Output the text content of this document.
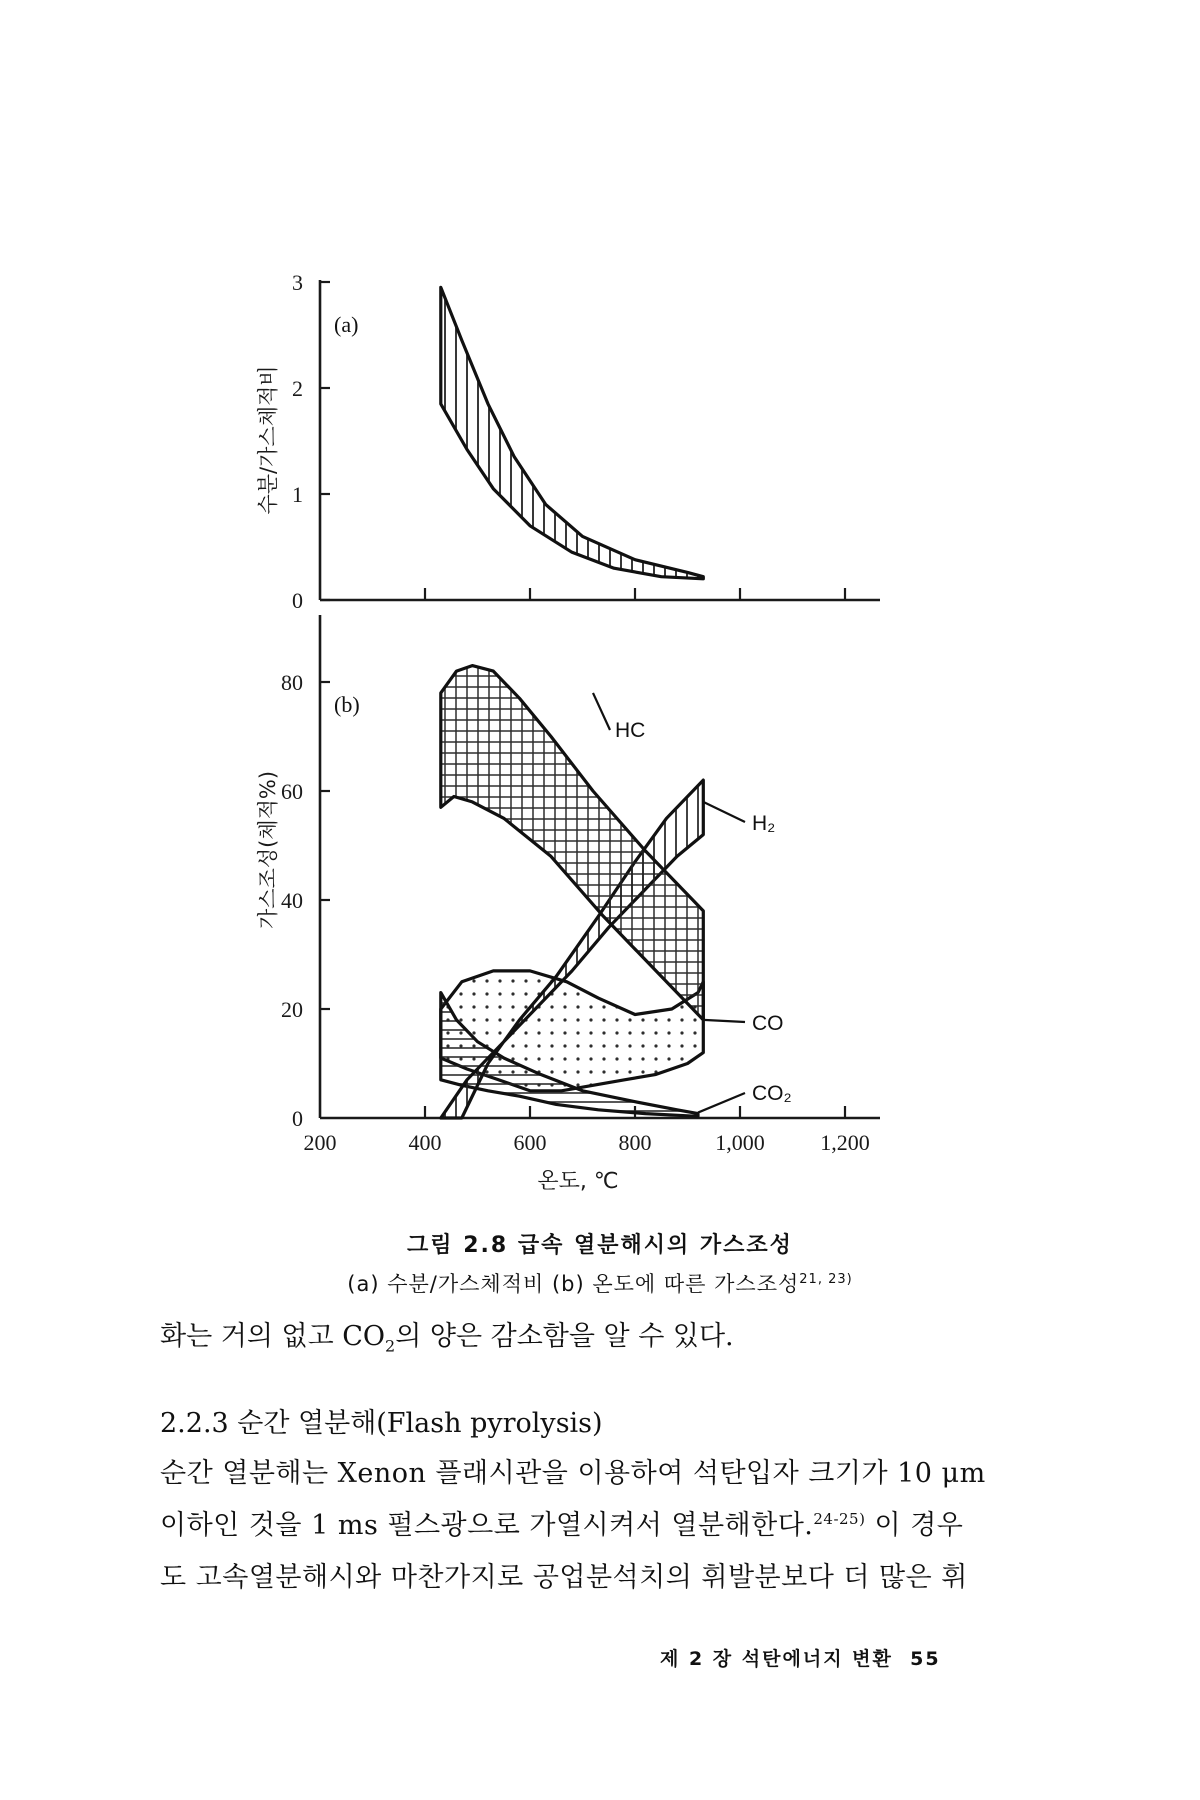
(a)
0
1
2
3
수분/가스체적비
(b)
0
20
40
60
80
200	400	600	800	1,000	1,200
HC
H₂
CO
CO₂
가스조성(체적%)
온도, ℃
그림 2.8 급속 열분해시의 가스조성
(a) 수분/가스체적비 (b) 온도에 따른 가스조성$^{21, 23)}$
화는 거의 없고 $CO_2$의 양은 감소함을 알 수 있다.
2.2.3 순간 열분해(Flash pyrolysis)
순간 열분해는 Xenon 플래시관을 이용하여 석탄입자 크기가 10 μm
이하인 것을 1 ms 펄스광으로 가열시켜서 열분해한다.$^{24-25)}$ 이 경우
도 고속열분해시와 마찬가지로 공업분석치의 휘발분보다 더 많은 휘
제 2 장 석탄에너지 변환 55
